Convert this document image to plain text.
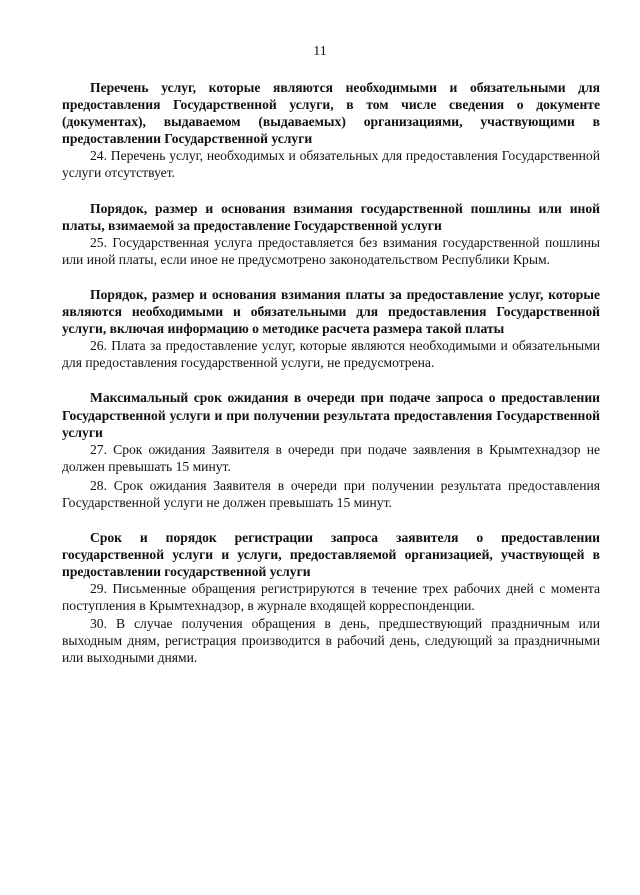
11

Перечень услуг, которые являются необходимыми и обязательными для предоставления Государственной услуги, в том числе сведения о документе (документах), выдаваемом (выдаваемых) организациями, участвующими в предоставлении Государственной услуги

24. Перечень услуг, необходимых и обязательных для предоставления Государственной услуги отсутствует.

Порядок, размер и основания взимания государственной пошлины или иной платы, взимаемой за предоставление Государственной услуги

25. Государственная услуга предоставляется без взимания государственной пошлины или иной платы, если иное не предусмотрено законодательством Республики Крым.

Порядок, размер и основания взимания платы за предоставление услуг, которые являются необходимыми и обязательными для предоставления Государственной услуги, включая информацию о методике расчета размера такой платы

26. Плата за предоставление услуг, которые являются необходимыми и обязательными для предоставления государственной услуги, не предусмотрена.

Максимальный срок ожидания в очереди при подаче запроса о предоставлении Государственной услуги и при получении результата предоставления Государственной услуги

27. Срок ожидания Заявителя в очереди при подаче заявления в Крымтехнадзор не должен превышать 15 минут.

28. Срок ожидания Заявителя в очереди при получении результата предоставления Государственной услуги не должен превышать 15 минут.

Срок и порядок регистрации запроса заявителя о предоставлении государственной услуги и услуги, предоставляемой организацией, участвующей в предоставлении государственной услуги

29. Письменные обращения регистрируются в течение трех рабочих дней с момента поступления в Крымтехнадзор, в журнале входящей корреспонденции.

30. В случае получения обращения в день, предшествующий праздничным или выходным дням, регистрация производится в рабочий день, следующий за праздничными или выходными днями.
